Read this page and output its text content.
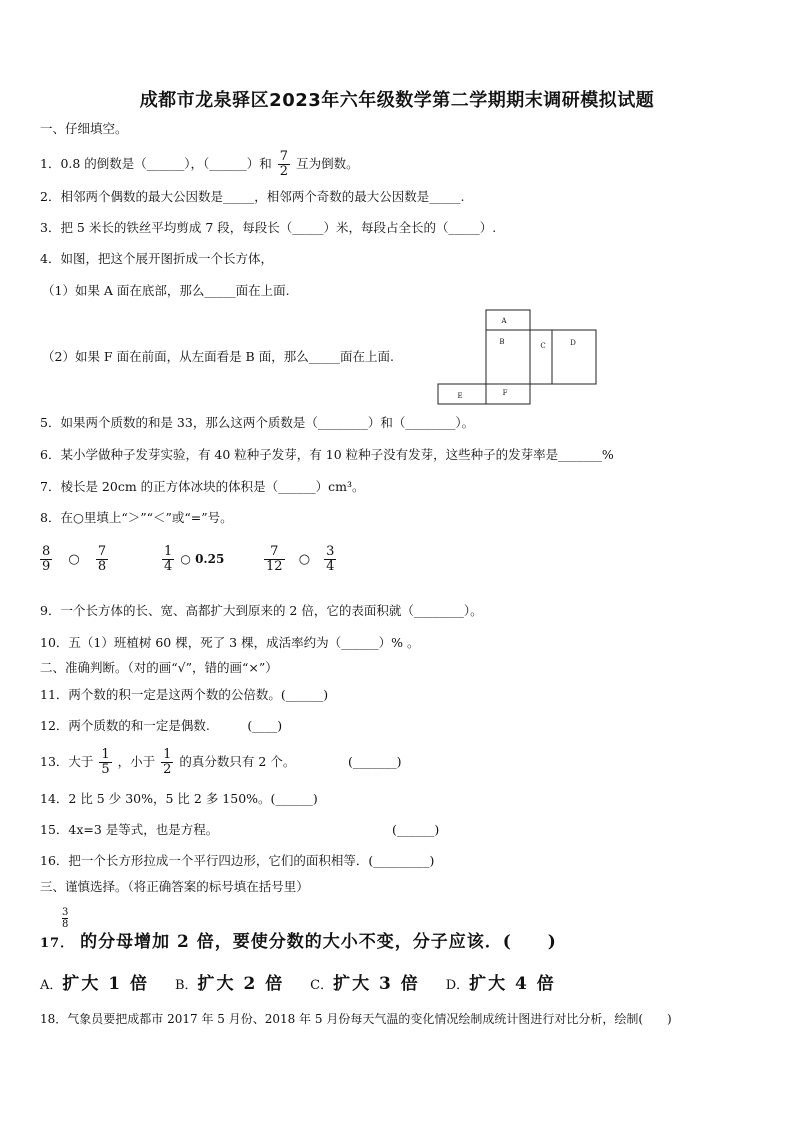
成都市龙泉驿区2023年六年级数学第二学期期末调研模拟试题
一、仔细填空。
1．0.8 的倒数是（______），（______）和 $\frac{7}{2}$ 互为倒数。
2．相邻两个偶数的最大公因数是_____，相邻两个奇数的最大公因数是_____.
3．把 5 米长的铁丝平均剪成 7 段，每段长（_____）米，每段占全长的（_____）.
4．如图，把这个展开图折成一个长方体，
（1）如果 A 面在底部，那么_____面在上面.
（2）如果 F 面在前面，从左面看是 B 面，那么_____面在上面.
A
B	C	D
E	F
5．如果两个质数的和是 33，那么这两个质数是（________）和（________）。
6．某小学做种子发芽实验，有 40 粒种子发芽，有 10 粒种子没有发芽，这些种子的发芽率是_______%
7．棱长是 20cm 的正方体冰块的体积是（______）cm³。
8．在○里填上“＞”“＜”或“=”号。
$\frac{8}{9}$ ○ $\frac{7}{8}$	$\frac{1}{4}$ ○ 0.25	$\frac{7}{12}$ ○ $\frac{3}{4}$
9．一个长方体的长、宽、高都扩大到原来的 2 倍，它的表面积就（________）。
10．五（1）班植树 60 棵，死了 3 棵，成活率约为（______）% 。
二、准确判断。（对的画“√”，错的画“×”）
11．两个数的积一定是这两个数的公倍数。(______)
12．两个质数的和一定是偶数.　　　(____)
13．大于 $\frac{1}{5}$ ，小于 $\frac{1}{2}$ 的真分数只有 2 个。	(_______)
14．2 比 5 少 30%，5 比 2 多 150%。(______)
15．4x=3 是等式，也是方程。	(______)
16．把一个长方形拉成一个平行四边形，它们的面积相等．(_________)
三、谨慎选择。（将正确答案的标号填在括号里）
$\frac{3}{8}$
17． 的分母增加 2 倍，要使分数的大小不变，分子应该．(　　)
A．扩大 1 倍 B．扩大 2 倍 C．扩大 3 倍 D．扩大 4 倍
18．气象员要把成都市 2017 年 5 月份、2018 年 5 月份每天气温的变化情况绘制成统计图进行对比分析，绘制(　　)
